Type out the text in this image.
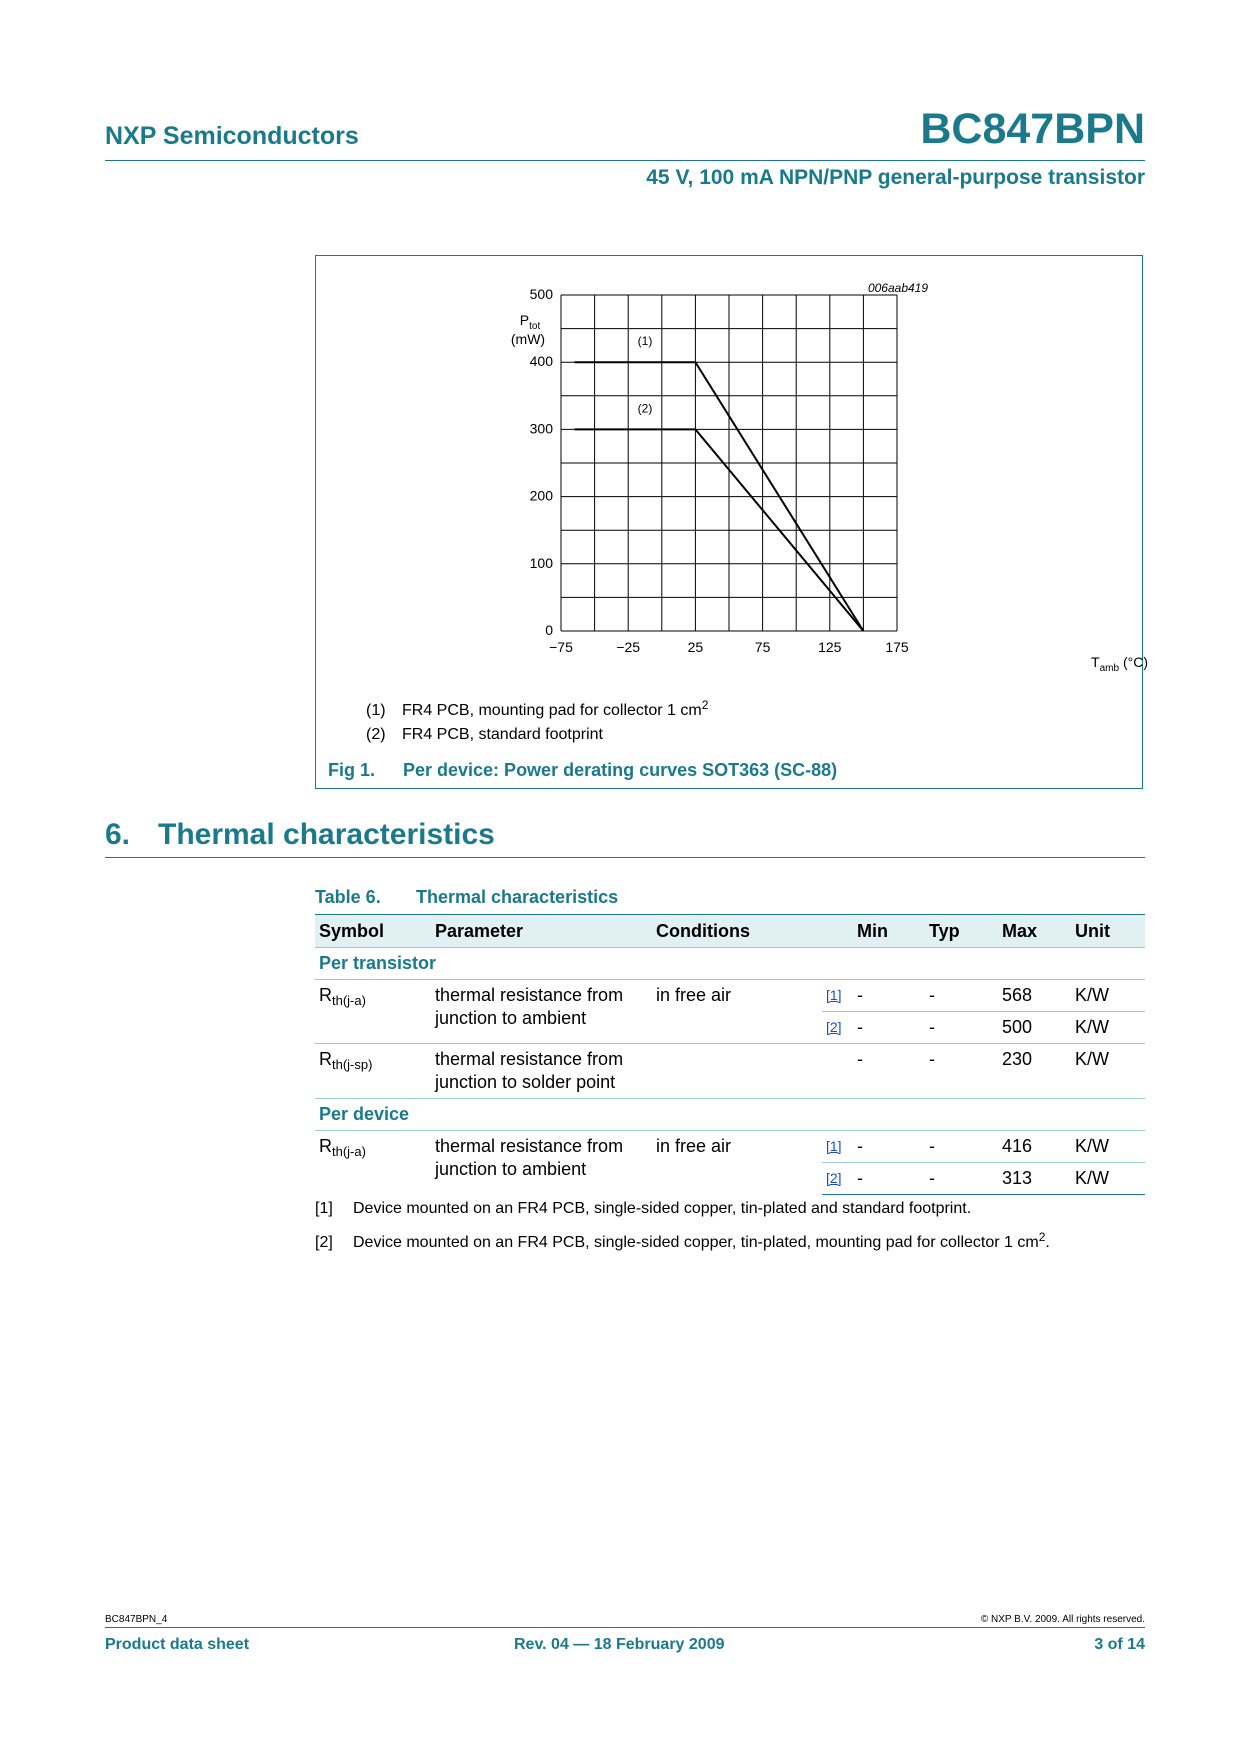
NXP Semiconductors	BC847BPN
45 V, 100 mA NPN/PNP general-purpose transistor
−75	−25	25	75	125	175
0
100
200
300
400
500
(1)
(2)
006aab419
$P_{tot}$
(mW)
$T_{amb}$ (°C)
(1) FR4 PCB, mounting pad for collector 1 $cm^2$
(2) FR4 PCB, standard footprint
Fig 1. Per device: Power derating curves SOT363 (SC-88)
6. Thermal characteristics
Table 6. Thermal characteristics
Symbol	Parameter	Conditions		Min	Typ	Max	Unit
Per transistor							
$R_{th(j-a)}$	thermal resistance from junction to ambient	in free air	[1]	-	-	568	K/W
			[2]	-	-	500	K/W
$R_{th(j-sp)}$	thermal resistance from junction to solder point			-	-	230	K/W
Per device							
$R_{th(j-a)}$	thermal resistance from junction to ambient	in free air	[1]	-	-	416	K/W
			[2]	-	-	313	K/W
[1] Device mounted on an FR4 PCB, single-sided copper, tin-plated and standard footprint.
[2] Device mounted on an FR4 PCB, single-sided copper, tin-plated, mounting pad for collector 1 $cm^2$.
BC847BPN_4	© NXP B.V. 2009. All rights reserved.
Product data sheet	Rev. 04 — 18 February 2009	3 of 14
